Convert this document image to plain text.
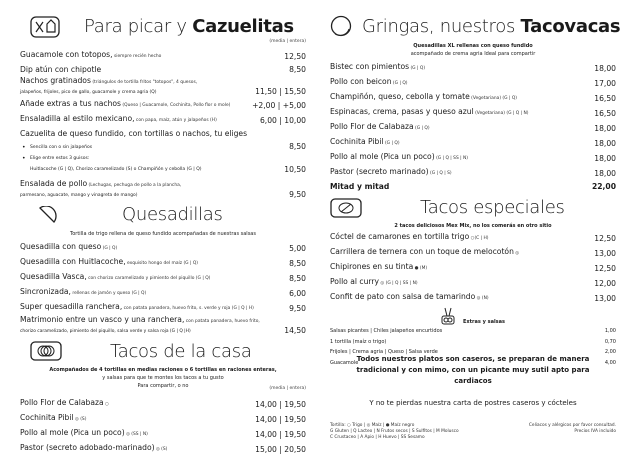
Para picar y Cazuelitas
(media | entera)
Guacamole con totopos, siempre recién hecho	12,50
Dip atún con chipotle	8,50
Nachos gratinados (triángulos de tortilla fritos "totopos", 4 quesos,
jalapeños, frijoles, pico de gallo, guacamole y crema agria (Q)	11,50 | 15,50
Añade extras a tus nachos (Queso | Guacamole, Cochinita, Pollo flor o mole)	+2,00 | +5,00
Ensaladilla al estilo mexicano, con papa, maíz, atún y jalapeños (H)	6,00 | 10,00
Cazuelita de queso fundido, con tortillas o nachos, tu eliges
• Sencilla con o sin jalapeños	8,50
• Elige entre estos 3 guisos:
Huitlacoche (G | Q), Chorizo caramelizado (S) o Champiñón y cebolla (G | Q)	10,50
Ensalada de pollo (Lechugas, pechuga de pollo a la plancha,
parmesano, aguacate, mango y vinagreta de mango)	9,50
Quesadillas
Tortilla de trigo rellena de queso fundido acompañadas de nuestras salsas
Quesadilla con queso (G | Q)	5,00
Quesadilla con Huitlacoche, exquisito hongo del maíz (G | Q)	8,50
Quesadilla Vasca, con chorizo caramelizado y pimiento del piquillo (G | Q)	8,50
Sincronizada, rellenas de jamón y queso (G | Q)	6,00
Super quesadilla ranchera, con patata panadera, huevo frito, s. verde y roja (G | Q | H)	9,50
Matrimonio entre un vasco y una ranchera, con patata panadera, huevo frito,
chorizo caramelizado, pimiento del piquillo, salsa verde y salsa roja (G | Q |H)	14,50
Tacos de la casa
Acompañados de 4 tortillas en medias raciones o 6 tortillas en raciones enteras,
y salsas para que te montes los tacos a tu gusto
Para compartir, o no	(media | entera)
Pollo Flor de Calabaza ○	14,00 | 19,50
Cochinita Pibil ◎ (S)	14,00 | 19,50
Pollo al mole (Pica un poco) ◎ (SS | N)	14,00 | 19,50
Pastor (secreto adobado-marinado) ◎ (S)	15,00 | 20,50
Gringas, nuestros Tacovacas
Quesadillas XL rellenas con queso fundido
acompañado de crema agria Ideal para compartir
Bistec con pimientos (G | Q)	18,00
Pollo con beicon (G | Q)	17,00
Champiñón, queso, cebolla y tomate (Vegetariana) (G | Q)	16,50
Espinacas, crema, pasas y queso azul (Vegetariana) (G | Q | N)	16,50
Pollo Flor de Calabaza (G | Q)	18,00
Cochinita Pibil (G | Q)	18,00
Pollo al mole (Pica un poco) (G | Q | SS | N)	18,00
Pastor (secreto marinado) (G | Q | S)	18,00
Mitad y mitad	22,00
Tacos especiales
2 tacos deliciosos Mex Mix, no los comerás en otro sitio
Cóctel de camarones en tortilla trigo ○(C | H)	12,50
Carrillera de ternera con un toque de melocotón ◎	13,00
Chipirones en su tinta ● (M)	12,50
Pollo al curry ◎ (G | Q | SS | N)	12,00
Confit de pato con salsa de tamarindo ◎ (N)	13,00
Extras y salsas
Salsas picantes | Chiles jalapeños encurtidos	1,00
1 tortilla (maíz o trigo)	0,70
Frijoles | Crema agria | Queso | Salsa verde	2,00
Guacamole	4,00
Todos nuestros platos son caseros, se preparan de manera tradicional y con mimo, con un picante muy sutil apto para cardiacos
Y no te pierdas nuestra carta de postres caseros y cócteles
Tortilla: ○ Trigo | ◎ Maíz | ● Maíz negro
G Gluten | Q Lacteo | N Frutos secos | S Sulfitos | M Molusco
C Crustaceo | A Apio | H Huevo | SS Sesamo
Celiacos y alérgicos por favor consultad.
Precios IVA incluido
